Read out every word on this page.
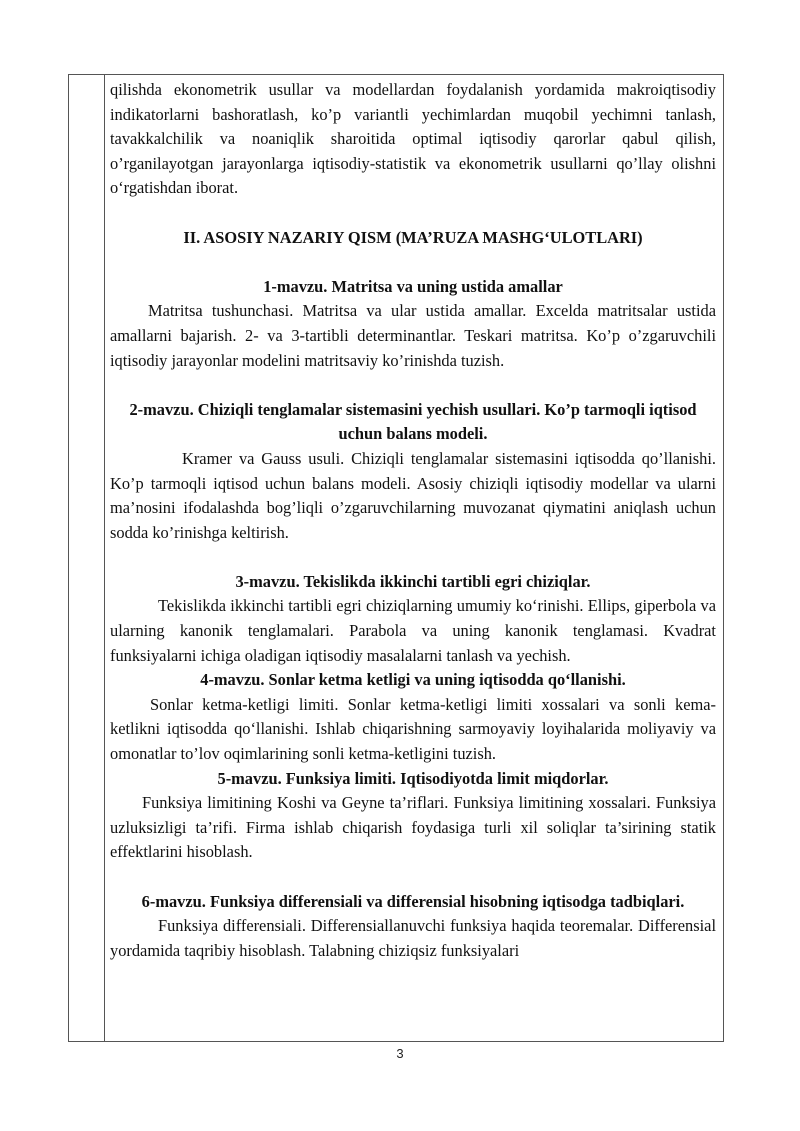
qilishda ekonometrik usullar va modellardan foydalanish yordamida makroiqtisodiy indikatorlarni bashoratlash, ko’p variantli yechimlardan muqobil yechimni tanlash, tavakkalchilik va noaniqlik sharoitida optimal iqtisodiy qarorlar qabul qilish, o’rganilayotgan jarayonlarga iqtisodiy-statistik va ekonometrik usullarni qo’llay olishni o‘rgatishdan iborat.

II. ASOSIY NAZARIY QISM (MA’RUZA MASHG‘ULOTLARI)
1-mavzu. Matritsa va uning ustida amallar

Matritsa tushunchasi. Matritsa va ular ustida amallar. Excelda matritsalar ustida amallarni bajarish. 2- va 3-tartibli determinantlar. Teskari matritsa. Ko’p o’zgaruvchili iqtisodiy jarayonlar modelini matritsaviy ko’rinishda tuzish.

2-mavzu. Chiziqli tenglamalar sistemasini yechish usullari. Ko’p tarmoqli iqtisod uchun balans modeli.

Kramer va Gauss usuli. Chiziqli tenglamalar sistemasini iqtisodda qo’llanishi. Ko’p tarmoqli iqtisod uchun balans modeli. Asosiy chiziqli iqtisodiy modellar va ularni ma’nosini ifodalashda bog’liqli o’zgaruvchilarning muvozanat qiymatini aniqlash uchun sodda ko’rinishga keltirish.

3-mavzu. Tekislikda ikkinchi tartibli egri chiziqlar.

Tekislikda ikkinchi tartibli egri chiziqlarning umumiy ko‘rinishi. Ellips, giperbola va ularning kanonik tenglamalari. Parabola va uning kanonik tenglamasi. Kvadrat funksiyalarni ichiga oladigan iqtisodiy masalalarni tanlash va yechish.

4-mavzu. Sonlar ketma ketligi va uning iqtisodda qo‘llanishi.

Sonlar ketma-ketligi limiti. Sonlar ketma-ketligi limiti xossalari va sonli kema- ketlikni iqtisodda qo‘llanishi. Ishlab chiqarishning sarmoyaviy loyihalarida moliyaviy va omonatlar to’lov oqimlarining sonli ketma-ketligini tuzish.

5-mavzu. Funksiya limiti. Iqtisodiyotda limit miqdorlar.

Funksiya limitining Koshi va Geyne ta’riflari. Funksiya limitining xossalari. Funksiya uzluksizligi ta’rifi. Firma ishlab chiqarish foydasiga turli xil soliqlar ta’sirining statik effektlarini hisoblash.

6-mavzu. Funksiya differensiali va differensial hisobning iqtisodga tadbiqlari.

Funksiya differensiali. Differensiallanuvchi funksiya haqida teoremalar. Differensial yordamida taqribiy hisoblash. Talabning chiziqsiz funksiyalari

3
